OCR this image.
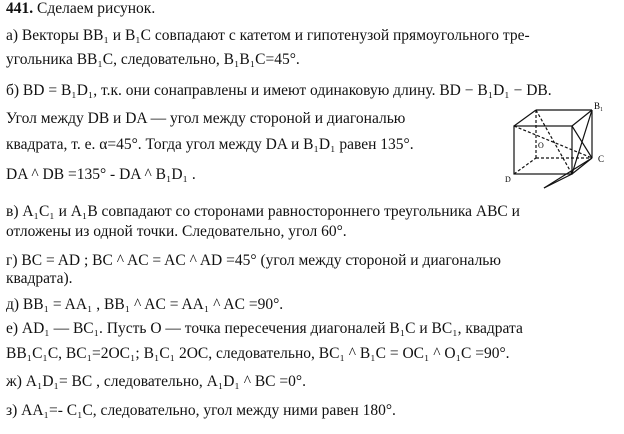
441. Сделаем рисунок.
а) Векторы BB₁ и B₁C совпадают с катетом и гипотенузой прямоугольного тре-
угольника BB₁C, следовательно, B₁B₁C=45°.
б) BD = B₁D₁, т.к. они сонаправлены и имеют одинаковую длину. BD − B₁D₁ − DB.
Угол между DB и DA — угол между стороной и диагональю
квадрата, т. е. α=45°. Тогда угол между DA и B₁D₁ равен 135°.
DA ^ DB =135° - DA ^ B₁D₁ .
в) A₁C₁ и A₁B совпадают со сторонами равностороннего треугольника ABC и
отложены из одной точки. Следовательно, угол 60°.
г) BC = AD ; BC ^ AC = AC ^ AD =45° (угол между стороной и диагональю
квадрата).
д) BB₁ = AA₁ , BB₁ ^ AC = AA₁ ^ AC =90°.
е) AD₁ — BC₁. Пусть O — точка пересечения диагоналей B₁C и BC₁, квадрата
BB₁C₁C, BC₁=2OC₁; B₁C₁ 2OC, следовательно, BC₁ ^ B₁C = OC₁ ^ O₁C =90°.
ж) A₁D₁= BC , следовательно, A₁D₁ ^ BC =0°.
з) AA₁=- C₁C, следовательно, угол между ними равен 180°.
B₁
C
O
D
